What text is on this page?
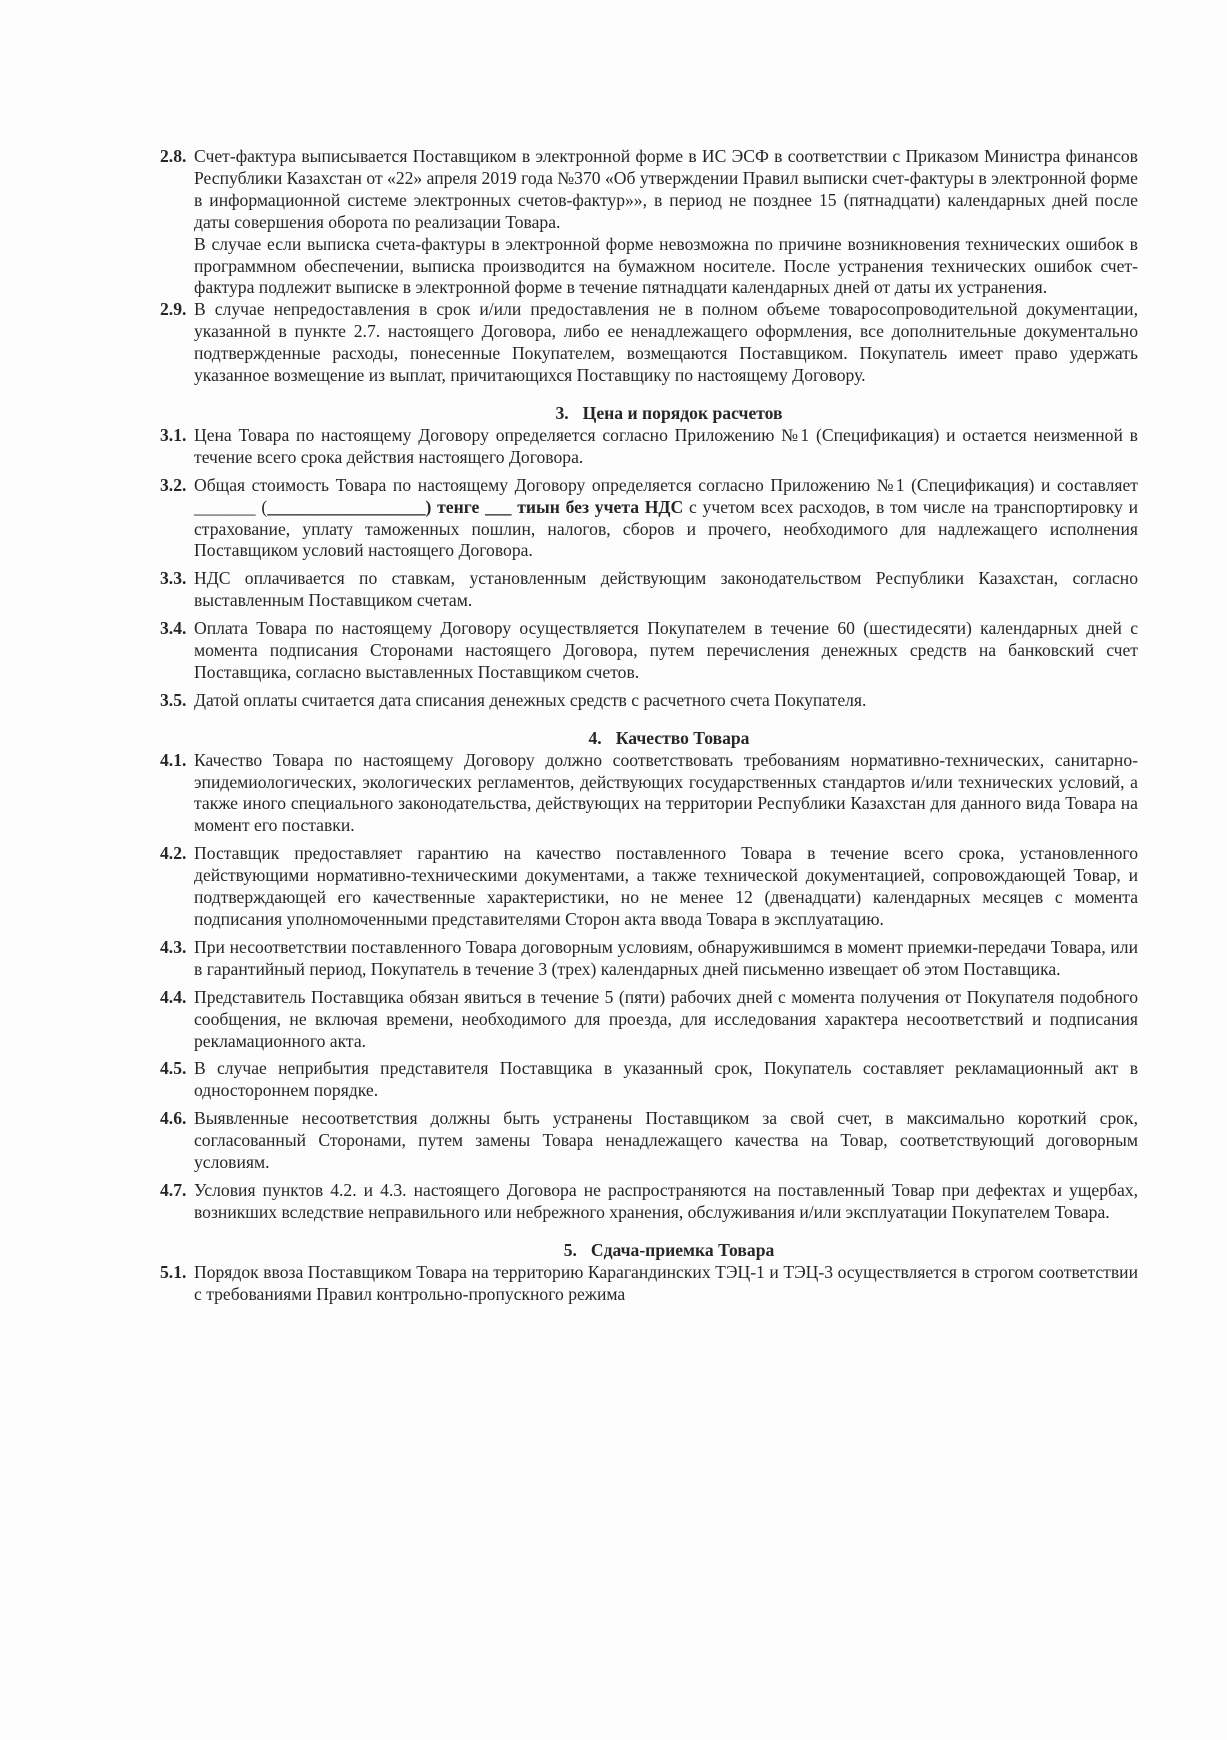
2.8. Счет-фактура выписывается Поставщиком в электронной форме в ИС ЭСФ в соответствии с Приказом Министра финансов Республики Казахстан от «22» апреля 2019 года №370 «Об утверждении Правил выписки счет-фактуры в электронной форме в информационной системе электронных счетов-фактур»», в период не позднее 15 (пятнадцати) календарных дней после даты совершения оборота по реализации Товара.

В случае если выписка счета-фактуры в электронной форме невозможна по причине возникновения технических ошибок в программном обеспечении, выписка производится на бумажном носителе. После устранения технических ошибок счет-фактура подлежит выписке в электронной форме в течение пятнадцати календарных дней от даты их устранения.

2.9. В случае непредоставления в срок и/или предоставления не в полном объеме товаросопроводительной документации, указанной в пункте 2.7. настоящего Договора, либо ее ненадлежащего оформления, все дополнительные документально подтвержденные расходы, понесенные Покупателем, возмещаются Поставщиком. Покупатель имеет право удержать указанное возмещение из выплат, причитающихся Поставщику по настоящему Договору.

3. Цена и порядок расчетов
3.1. Цена Товара по настоящему Договору определяется согласно Приложению №1 (Спецификация) и остается неизменной в течение всего срока действия настоящего Договора.

3.2. Общая стоимость Товара по настоящему Договору определяется согласно Приложению №1 (Спецификация) и составляет _______ (__________________) тенге ___ тиын без учета НДС с учетом всех расходов, в том числе на транспортировку и страхование, уплату таможенных пошлин, налогов, сборов и прочего, необходимого для надлежащего исполнения Поставщиком условий настоящего Договора.

3.3. НДС оплачивается по ставкам, установленным действующим законодательством Республики Казахстан, согласно выставленным Поставщиком счетам.

3.4. Оплата Товара по настоящему Договору осуществляется Покупателем в течение 60 (шестидесяти) календарных дней с момента подписания Сторонами настоящего Договора, путем перечисления денежных средств на банковский счет Поставщика, согласно выставленных Поставщиком счетов.

3.5. Датой оплаты считается дата списания денежных средств с расчетного счета Покупателя.

4. Качество Товара
4.1. Качество Товара по настоящему Договору должно соответствовать требованиям нормативно-технических, санитарно-эпидемиологических, экологических регламентов, действующих государственных стандартов и/или технических условий, а также иного специального законодательства, действующих на территории Республики Казахстан для данного вида Товара на момент его поставки.

4.2. Поставщик предоставляет гарантию на качество поставленного Товара в течение всего срока, установленного действующими нормативно-техническими документами, а также технической документацией, сопровождающей Товар, и подтверждающей его качественные характеристики, но не менее 12 (двенадцати) календарных месяцев с момента подписания уполномоченными представителями Сторон акта ввода Товара в эксплуатацию.

4.3. При несоответствии поставленного Товара договорным условиям, обнаружившимся в момент приемки-передачи Товара, или в гарантийный период, Покупатель в течение 3 (трех) календарных дней письменно извещает об этом Поставщика.

4.4. Представитель Поставщика обязан явиться в течение 5 (пяти) рабочих дней с момента получения от Покупателя подобного сообщения, не включая времени, необходимого для проезда, для исследования характера несоответствий и подписания рекламационного акта.

4.5. В случае неприбытия представителя Поставщика в указанный срок, Покупатель составляет рекламационный акт в одностороннем порядке.

4.6. Выявленные несоответствия должны быть устранены Поставщиком за свой счет, в максимально короткий срок, согласованный Сторонами, путем замены Товара ненадлежащего качества на Товар, соответствующий договорным условиям.

4.7. Условия пунктов 4.2. и 4.3. настоящего Договора не распространяются на поставленный Товар при дефектах и ущербах, возникших вследствие неправильного или небрежного хранения, обслуживания и/или эксплуатации Покупателем Товара.

5. Сдача-приемка Товара
5.1. Порядок ввоза Поставщиком Товара на территорию Карагандинских ТЭЦ-1 и ТЭЦ-3 осуществляется в строгом соответствии с требованиями Правил контрольно-пропускного режима
